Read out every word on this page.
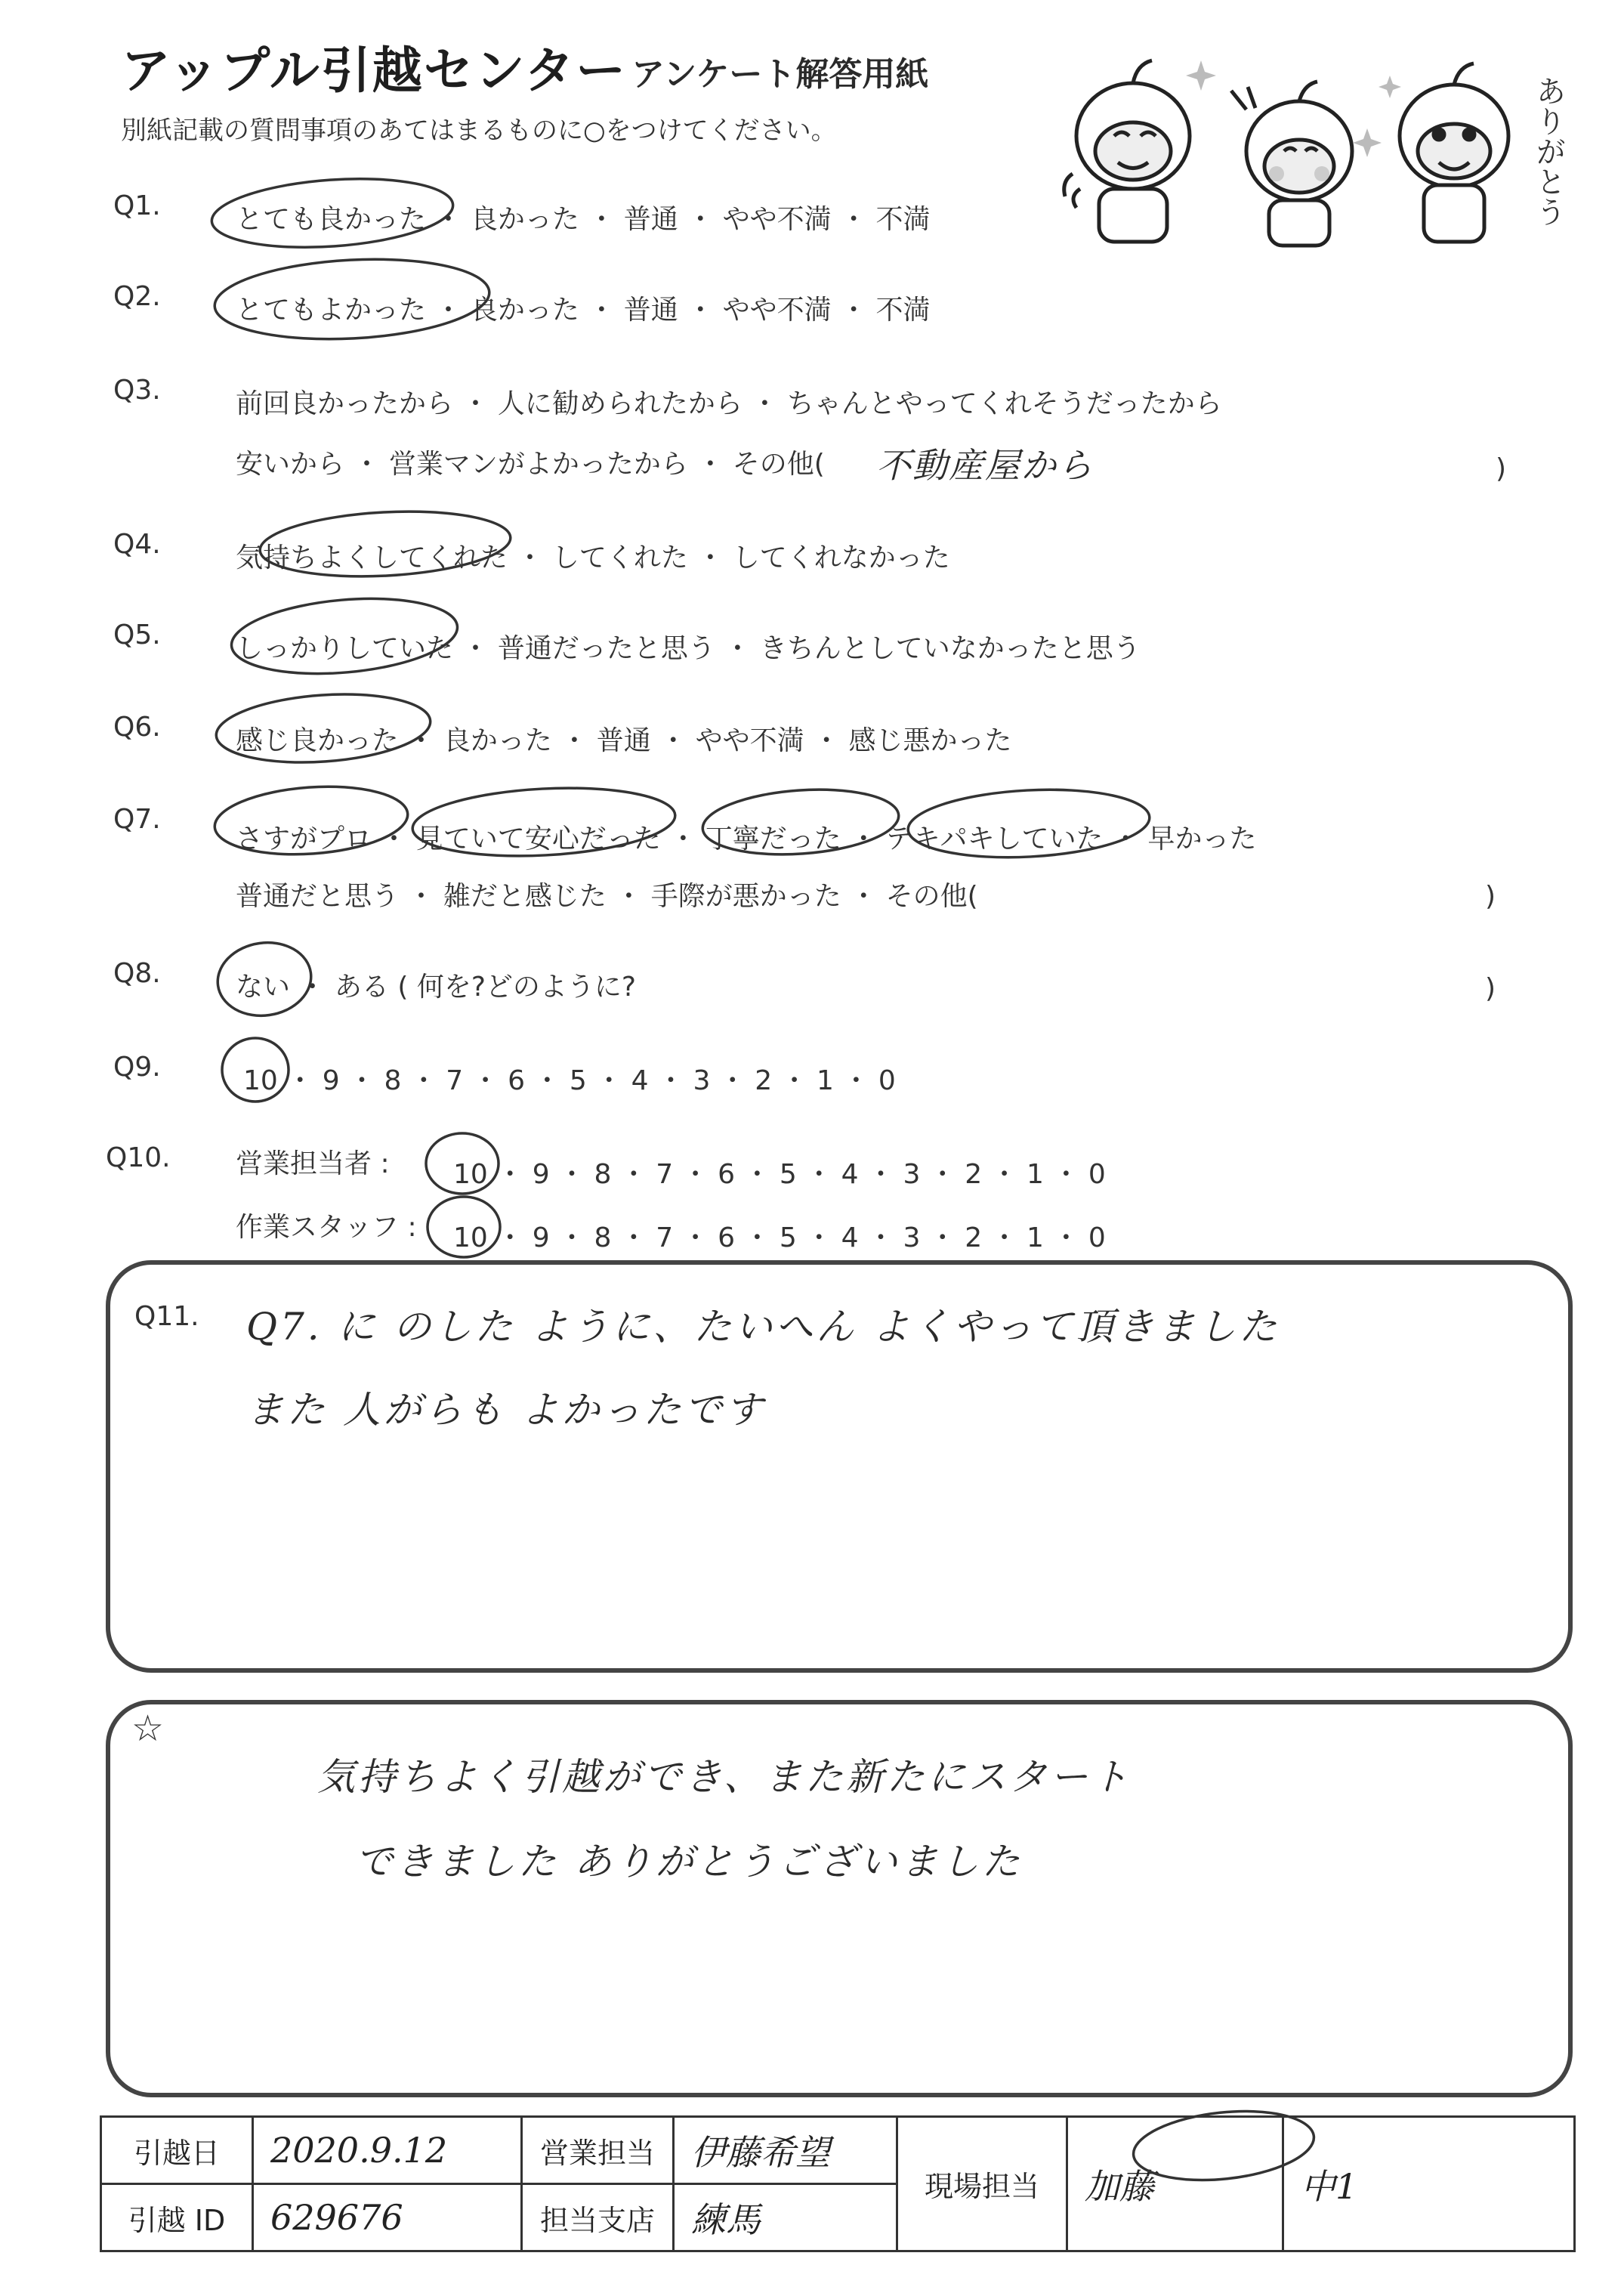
アップル引越センター アンケート解答用紙
別紙記載の質問事項のあてはまるものに○をつけてください。	ありがとう
Q1.	とても良かった ・ 良かった ・ 普通 ・ やや不満 ・ 不満
Q2.	とてもよかった ・ 良かった ・ 普通 ・ やや不満 ・ 不満
Q3.	前回良かったから ・ 人に勧められたから ・ ちゃんとやってくれそうだったから
安いから ・ 営業マンがよかったから ・ その他( 不動産屋から	)
Q4.	気持ちよくしてくれた ・ してくれた ・ してくれなかった
Q5.	しっかりしていた ・ 普通だったと思う ・ きちんとしていなかったと思う
Q6.	感じ良かった ・ 良かった ・ 普通 ・ やや不満 ・ 感じ悪かった
Q7.
さすがプロ ・ 見ていて安心だった ・ 丁寧だった ・ テキパキしていた ・ 早かった
普通だと思う ・ 雑だと感じた ・ 手際が悪かった ・ その他(	)
Q8.	ない ・ ある ( 何を?どのように?	)
Q9.	10 ・ 9 ・ 8 ・ 7 ・ 6 ・ 5 ・ 4 ・ 3 ・ 2 ・ 1 ・ 0
Q10. 営業担当者 : 10 ・ 9 ・ 8 ・ 7 ・ 6 ・ 5 ・ 4 ・ 3 ・ 2 ・ 1 ・ 0
作業スタッフ : 10 ・ 9 ・ 8 ・ 7 ・ 6 ・ 5 ・ 4 ・ 3 ・ 2 ・ 1 ・ 0
Q11. Q7. に のした ように、たいへん よくやって頂きました
また 人がらも よかったです
☆
気持ちよく引越ができ、また新たにスタート
できました ありがとうございました
引越日	2020.9.12	営業担当	伊藤希望	現場担当	加藤	中1
引越 ID	629676	担当支店	練馬			
